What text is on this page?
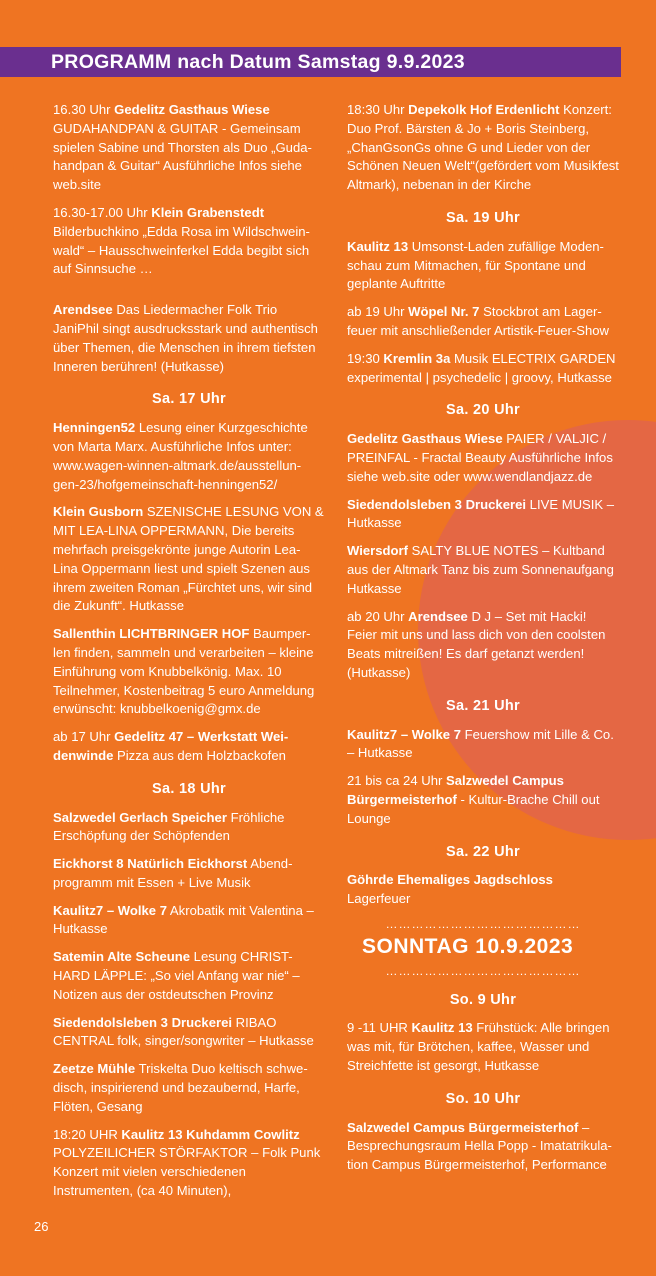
PROGRAMM nach Datum Samstag 9.9.2023
16.30 Uhr Gedelitz Gasthaus Wiese GUDAHANDPAN & GUITAR - Gemeinsam spielen Sabine und Thorsten als Duo „Guda-handpan & Guitar“ Ausführliche Infos siehe web.site
16.30-17.00 Uhr Klein Grabenstedt Bilderbuchkino „Edda Rosa im Wildschwein-wald“ – Hausschweinferkel Edda begibt sich auf Sinnsuche …
Arendsee Das Liedermacher Folk Trio JaniPhil singt ausdrucksstark und authentisch über Themen, die Menschen in ihrem tiefsten Inneren berühren! (Hutkasse)
Sa. 17 Uhr
Henningen52 Lesung einer Kurzgeschichte von Marta Marx. Ausführliche Infos unter: www.wagen-winnen-altmark.de/ausstellun-gen-23/hofgemeinschaft-henningen52/
Klein Gusborn SZENISCHE LESUNG VON & MIT LEA-LINA OPPERMANN, Die bereits mehrfach preisgekrönte junge Autorin Lea-Lina Oppermann liest und spielt Szenen aus ihrem zweiten Roman „Fürchtet uns, wir sind die Zukunft“. Hutkasse
Sallenthin LICHTBRINGER HOF Baumper-len finden, sammeln und verarbeiten – kleine Einführung vom Knubbelkönig. Max. 10 Teilnehmer, Kostenbeitrag 5 euro Anmeldung erwünscht: knubbelkoenig@gmx.de
ab 17 Uhr Gedelitz 47 – Werkstatt Wei-denwinde Pizza aus dem Holzbackofen
Sa. 18 Uhr
Salzwedel Gerlach Speicher Fröhliche Erschöpfung der Schöpfenden
Eickhorst 8 Natürlich Eickhorst Abend-programm mit Essen + Live Musik
Kaulitz7 – Wolke 7 Akrobatik mit Valentina – Hutkasse
Satemin Alte Scheune Lesung CHRIST-HARD LÄPPLE: „So viel Anfang war nie“ – Notizen aus der ostdeutschen Provinz
Siedendolsleben 3 Druckerei RIBAO CENTRAL folk, singer/songwriter – Hutkasse
Zeetze Mühle Triskelta Duo keltisch schwe-disch, inspirierend und bezaubernd, Harfe, Flöten, Gesang
18:20 UHR Kaulitz 13 Kuhdamm Cowlitz POLYZEILICHER STÖRFAKTOR – Folk Punk Konzert mit vielen verschiedenen Instrumenten, (ca 40 Minuten),
18:30 Uhr Depekolk Hof Erdenlicht Konzert: Duo Prof. Bärsten & Jo + Boris Steinberg, „ChanGsonGs ohne G und Lieder von der Schönen Neuen Welt“(gefördert vom Musikfest Altmark), nebenan in der Kirche
Sa. 19 Uhr
Kaulitz 13 Umsonst-Laden zufällige Moden-schau zum Mitmachen, für Spontane und geplante Auftritte
ab 19 Uhr Wöpel Nr. 7 Stockbrot am Lager-feuer mit anschließender Artistik-Feuer-Show
19:30 Kremlin 3a Musik ELECTRIX GARDEN experimental | psychedelic | groovy, Hutkasse
Sa. 20 Uhr
Gedelitz Gasthaus Wiese PAIER / VALJIC / PREINFAL - Fractal Beauty Ausführliche Infos siehe web.site oder www.wendlandjazz.de
Siedendolsleben 3 Druckerei LIVE MUSIK – Hutkasse
Wiersdorf SALTY BLUE NOTES – Kultband aus der Altmark Tanz bis zum Sonnenaufgang Hutkasse
ab 20 Uhr Arendsee D J – Set mit Hacki! Feier mit uns und lass dich von den coolsten Beats mitreißen! Es darf getanzt werden! (Hutkasse)
Sa. 21 Uhr
Kaulitz7 – Wolke 7 Feuershow mit Lille & Co. – Hutkasse
21 bis ca 24 Uhr Salzwedel Campus Bürgermeisterhof - Kultur-Brache Chill out Lounge
Sa. 22 Uhr
Göhrde Ehemaliges Jagdschloss Lagerfeuer
………………………………………
SONNTAG 10.9.2023
………………………………………
So. 9 Uhr
9 -11 UHR Kaulitz 13 Frühstück: Alle bringen was mit, für Brötchen, kaffee, Wasser und Streichfette ist gesorgt, Hutkasse
So. 10 Uhr
Salzwedel Campus Bürgermeisterhof – Besprechungsraum Hella Popp - Imatatrikula-tion Campus Bürgermeisterhof, Performance
26
